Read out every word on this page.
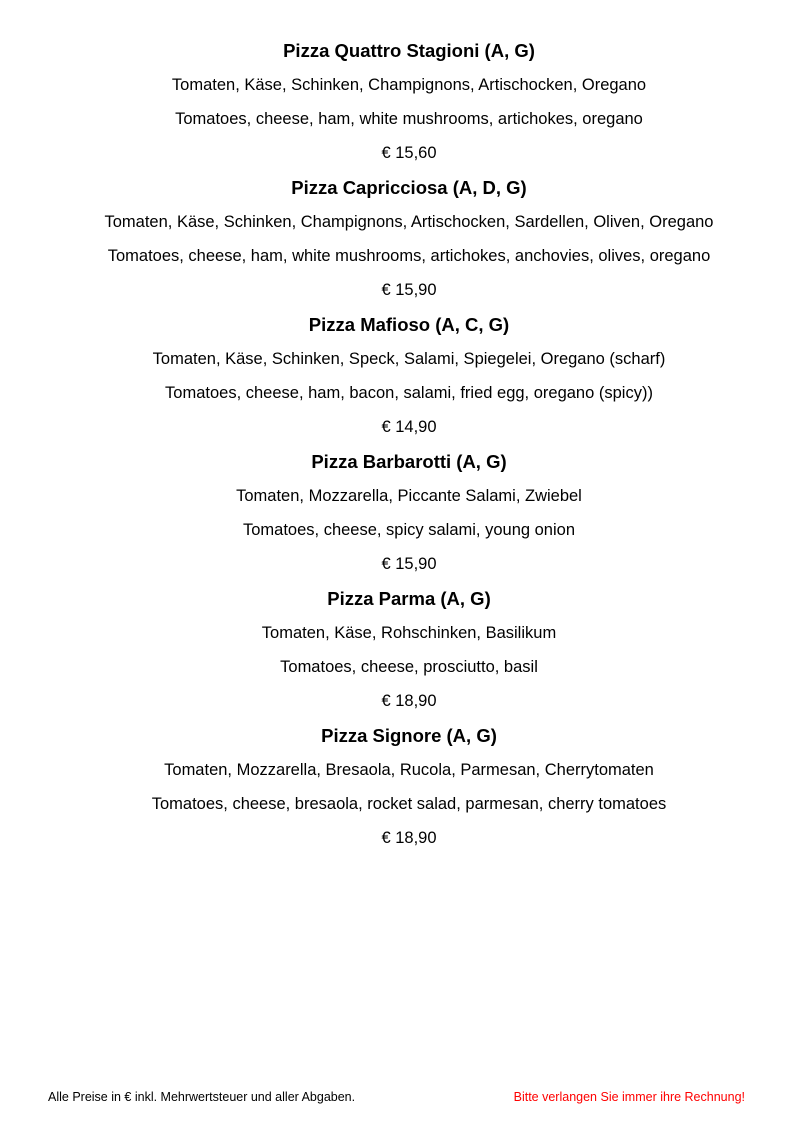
Pizza Quattro Stagioni (A, G)
Tomaten, Käse, Schinken, Champignons, Artischocken, Oregano
Tomatoes, cheese, ham, white mushrooms, artichokes, oregano
€ 15,60
Pizza Capricciosa (A, D, G)
Tomaten, Käse, Schinken, Champignons, Artischocken, Sardellen, Oliven, Oregano
Tomatoes, cheese, ham, white mushrooms, artichokes, anchovies, olives, oregano
€ 15,90
Pizza Mafioso (A, C, G)
Tomaten, Käse, Schinken, Speck, Salami, Spiegelei, Oregano (scharf)
Tomatoes, cheese, ham, bacon, salami, fried egg, oregano (spicy))
€ 14,90
Pizza Barbarotti (A, G)
Tomaten, Mozzarella, Piccante Salami, Zwiebel
Tomatoes, cheese, spicy salami, young onion
€ 15,90
Pizza Parma (A, G)
Tomaten, Käse, Rohschinken, Basilikum
Tomatoes, cheese, prosciutto, basil
€ 18,90
Pizza Signore (A, G)
Tomaten, Mozzarella, Bresaola, Rucola, Parmesan, Cherrytomaten
Tomatoes, cheese, bresaola, rocket salad, parmesan, cherry tomatoes
€ 18,90
Alle Preise in € inkl. Mehrwertsteuer und aller Abgaben.	Bitte verlangen Sie immer ihre Rechnung!
